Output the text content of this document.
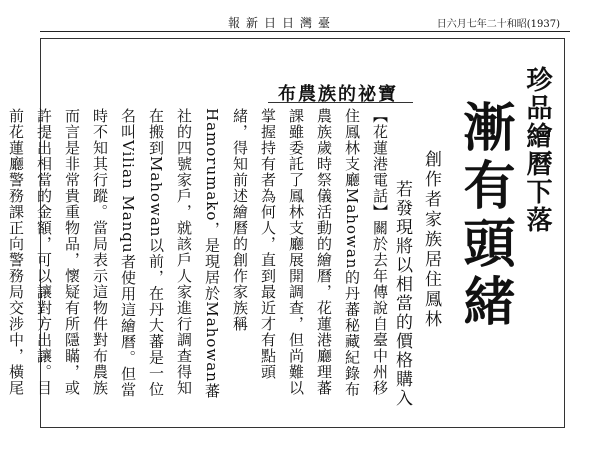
報新日日灣臺	日六月七年二十和昭(1937)
珍品繪曆下落
漸有頭緒
創作者家族居住鳳林
若發現將以相當的價格購入
布農族的祕寶

【花蓮港電話】關於去年傳說自臺中州移住鳳林支廳Mahowan的丹蕃秘藏紀錄布農族歲時祭儀活動的繪曆，花蓮港廳理蕃課雖委託了鳳林支廳展開調查，但尚難以掌握持有者為何人，直到最近才有點頭緒，得知前述繪曆的創作家族稱Hamorumako，是現居於Mahowan蕃社的四號家戶，就該戶人家進行調查得知在搬到Mahowan以前，在丹大蕃是一位名叫Vilian Manqu者使用這繪曆。但當時不知其行蹤。當局表示這物件對布農族而言是非常貴重物品，懷疑有所隱瞞，或許提出相當的金額，可以讓對方出讓。目前花蓮廳警務課正向警務局交涉中，橫尾
